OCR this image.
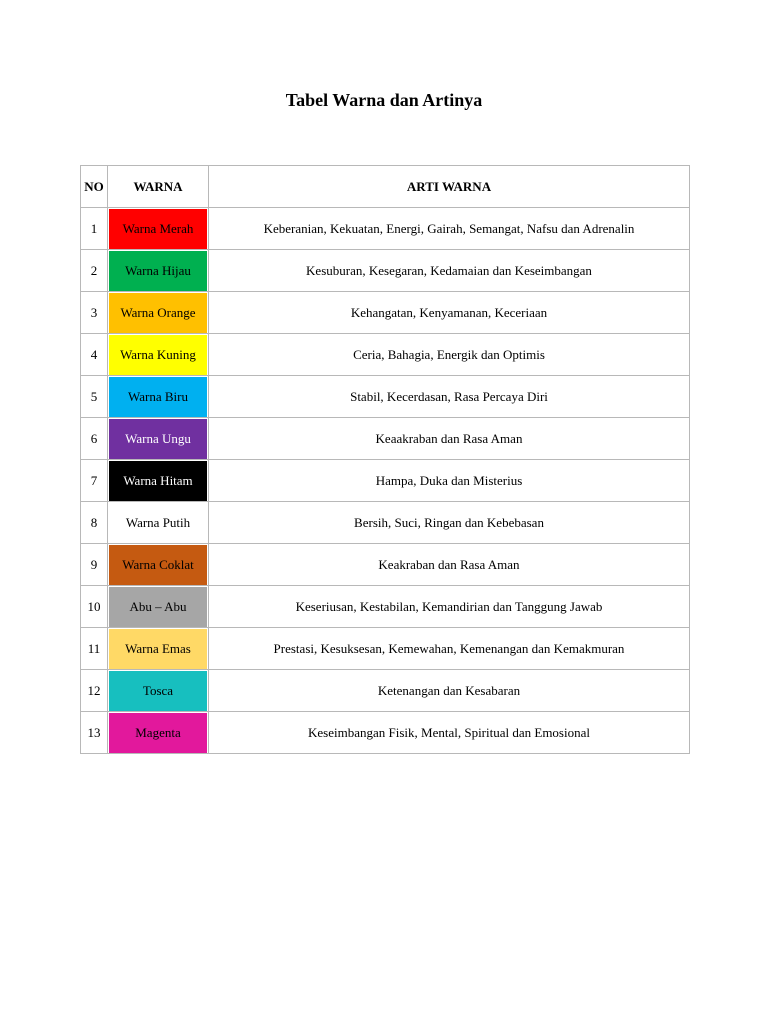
Tabel Warna dan Artinya
NO	WARNA	ARTI WARNA
1	Warna Merah	Keberanian, Kekuatan, Energi, Gairah, Semangat, Nafsu dan Adrenalin
2	Warna Hijau	Kesuburan, Kesegaran, Kedamaian dan Keseimbangan
3	Warna Orange	Kehangatan, Kenyamanan, Keceriaan
4	Warna Kuning	Ceria, Bahagia, Energik dan Optimis
5	Warna Biru	Stabil, Kecerdasan, Rasa Percaya Diri
6	Warna Ungu	Keaakraban dan Rasa Aman
7	Warna Hitam	Hampa, Duka dan Misterius
8	Warna Putih	Bersih, Suci, Ringan dan Kebebasan
9	Warna Coklat	Keakraban dan Rasa Aman
10	Abu – Abu	Keseriusan, Kestabilan, Kemandirian dan Tanggung Jawab
11	Warna Emas	Prestasi, Kesuksesan, Kemewahan, Kemenangan dan Kemakmuran
12	Tosca	Ketenangan dan Kesabaran
13	Magenta	Keseimbangan Fisik, Mental, Spiritual dan Emosional
